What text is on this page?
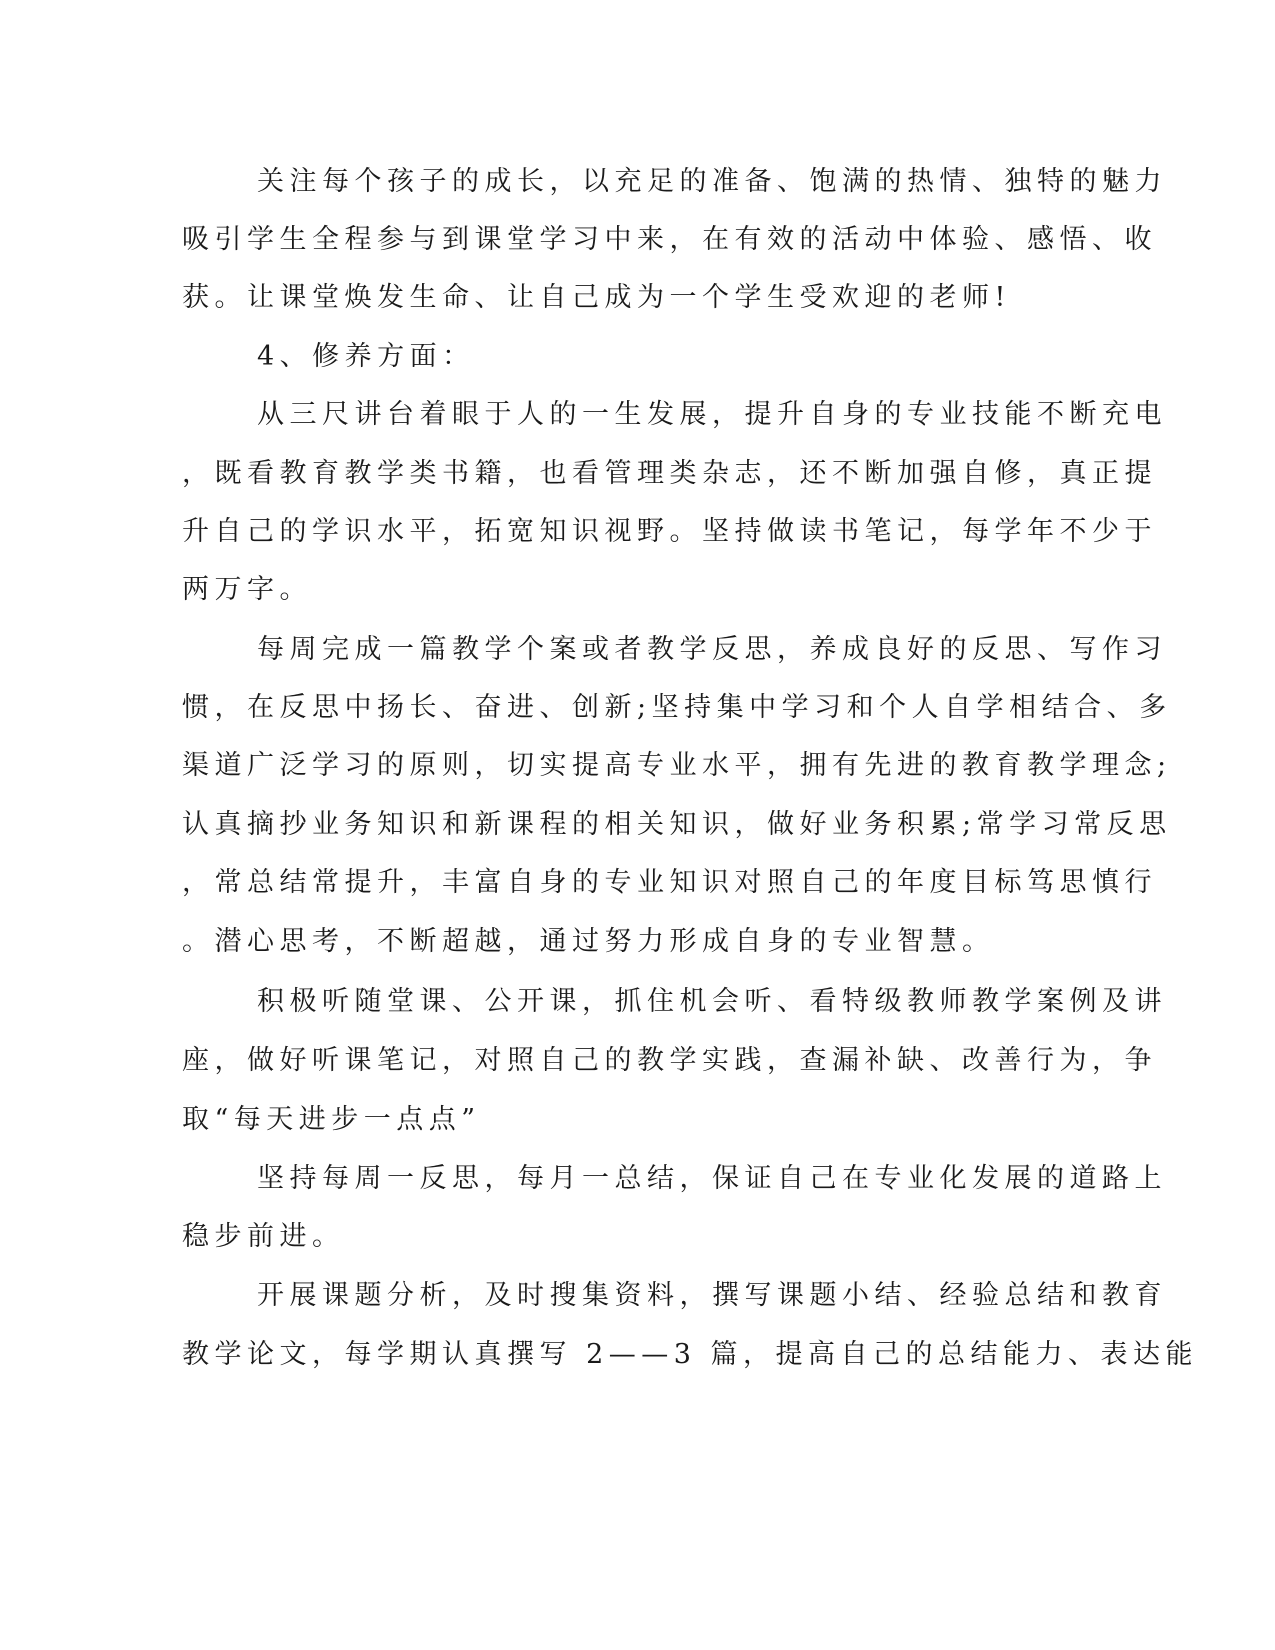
关注每个孩子的成长，以充足的准备、饱满的热情、独特的魅力
吸引学生全程参与到课堂学习中来，在有效的活动中体验、感悟、收
获。让课堂焕发生命、让自己成为一个学生受欢迎的老师!
4、修养方面：
从三尺讲台着眼于人的一生发展，提升自身的专业技能不断充电
，既看教育教学类书籍，也看管理类杂志，还不断加强自修，真正提
升自己的学识水平，拓宽知识视野。坚持做读书笔记，每学年不少于
两万字。
每周完成一篇教学个案或者教学反思，养成良好的反思、写作习
惯，在反思中扬长、奋进、创新;坚持集中学习和个人自学相结合、多
渠道广泛学习的原则，切实提高专业水平，拥有先进的教育教学理念;
认真摘抄业务知识和新课程的相关知识，做好业务积累;常学习常反思
，常总结常提升，丰富自身的专业知识对照自己的年度目标笃思慎行
。潜心思考，不断超越，通过努力形成自身的专业智慧。
积极听随堂课、公开课，抓住机会听、看特级教师教学案例及讲
座，做好听课笔记，对照自己的教学实践，查漏补缺、改善行为，争
取“每天进步一点点”
坚持每周一反思，每月一总结，保证自己在专业化发展的道路上
稳步前进。
开展课题分析，及时搜集资料，撰写课题小结、经验总结和教育
教学论文，每学期认真撰写 2——3 篇，提高自己的总结能力、表达能
